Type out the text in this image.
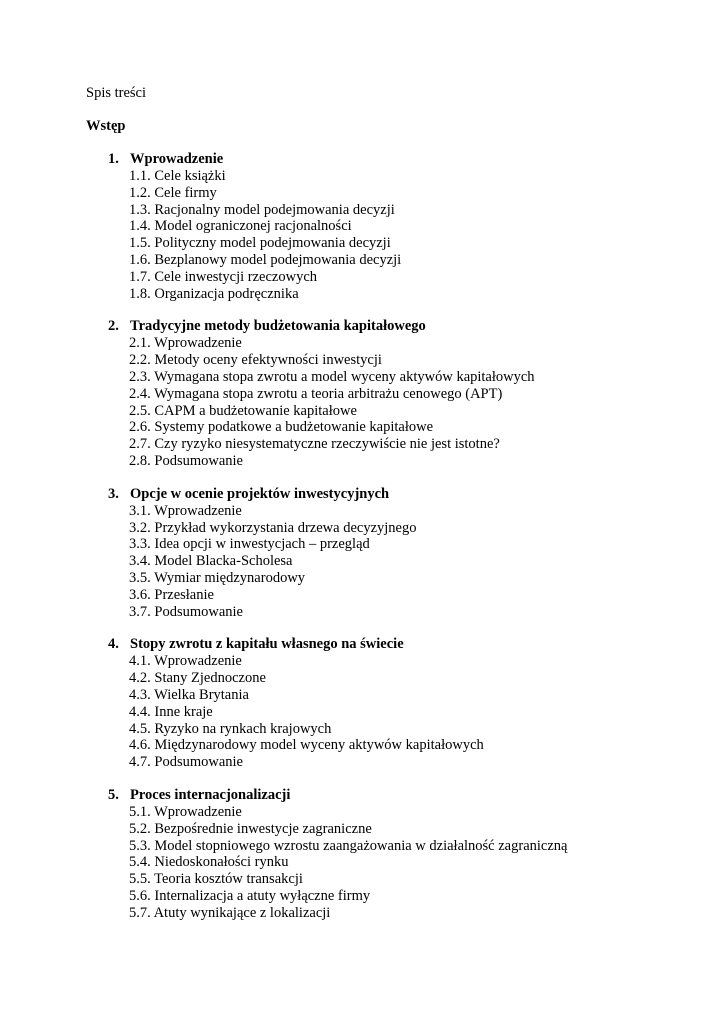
Spis treści
Wstęp
1. Wprowadzenie
1.1. Cele książki
1.2. Cele firmy
1.3. Racjonalny model podejmowania decyzji
1.4. Model ograniczonej racjonalności
1.5. Polityczny model podejmowania decyzji
1.6. Bezplanowy model podejmowania decyzji
1.7. Cele inwestycji rzeczowych
1.8. Organizacja podręcznika
2. Tradycyjne metody budżetowania kapitałowego
2.1. Wprowadzenie
2.2. Metody oceny efektywności inwestycji
2.3. Wymagana stopa zwrotu a model wyceny aktywów kapitałowych
2.4. Wymagana stopa zwrotu a teoria arbitrażu cenowego (APT)
2.5. CAPM a budżetowanie kapitałowe
2.6. Systemy podatkowe a budżetowanie kapitałowe
2.7. Czy ryzyko niesystematyczne rzeczywiście nie jest istotne?
2.8. Podsumowanie
3. Opcje w ocenie projektów inwestycyjnych
3.1. Wprowadzenie
3.2. Przykład wykorzystania drzewa decyzyjnego
3.3. Idea opcji w inwestycjach – przegląd
3.4. Model Blacka-Scholesa
3.5. Wymiar międzynarodowy
3.6. Przesłanie
3.7. Podsumowanie
4. Stopy zwrotu z kapitału własnego na świecie
4.1. Wprowadzenie
4.2. Stany Zjednoczone
4.3. Wielka Brytania
4.4. Inne kraje
4.5. Ryzyko na rynkach krajowych
4.6. Międzynarodowy model wyceny aktywów kapitałowych
4.7. Podsumowanie
5. Proces internacjonalizacji
5.1. Wprowadzenie
5.2. Bezpośrednie inwestycje zagraniczne
5.3. Model stopniowego wzrostu zaangażowania w działalność zagraniczną
5.4. Niedoskonałości rynku
5.5. Teoria kosztów transakcji
5.6. Internalizacja a atuty wyłączne firmy
5.7. Atuty wynikające z lokalizacji
